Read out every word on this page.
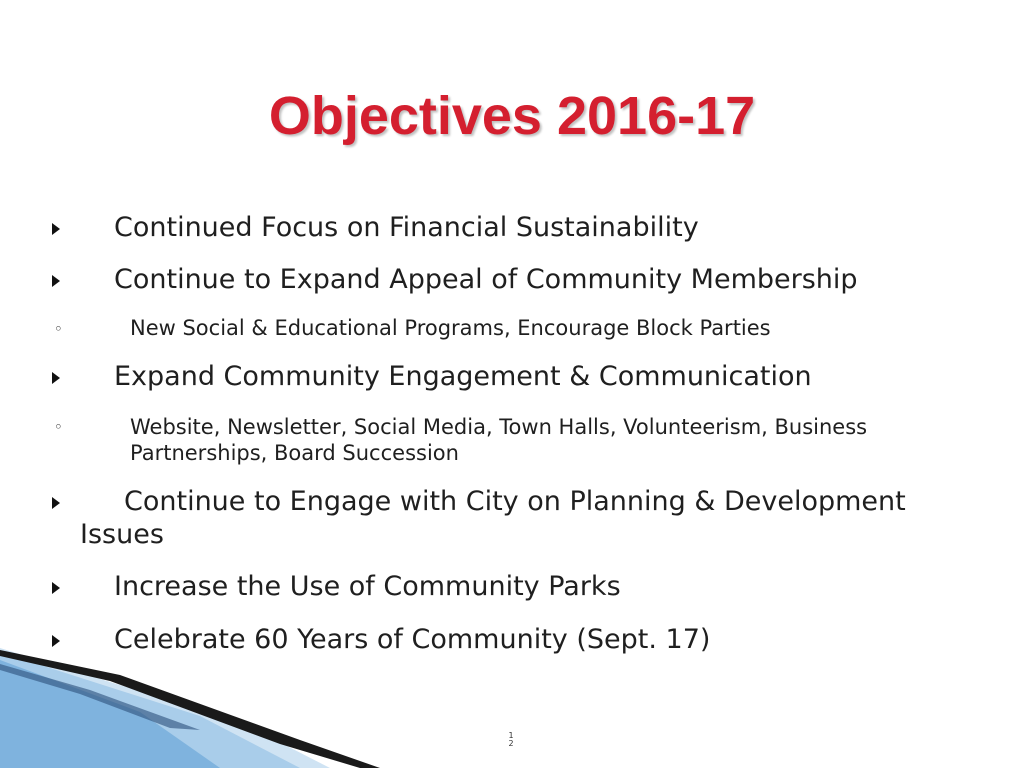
Objectives 2016-17
Continued Focus on Financial Sustainability
Continue to Expand Appeal of Community Membership
◦	New Social & Educational Programs, Encourage Block Parties
Expand Community Engagement & Communication
◦	Website, Newsletter, Social Media, Town Halls, Volunteerism, Business
Partnerships, Board Succession
Continue to Engage with City on Planning & Development
Issues
Increase the Use of Community Parks
Celebrate 60 Years of Community (Sept. 17)
12
